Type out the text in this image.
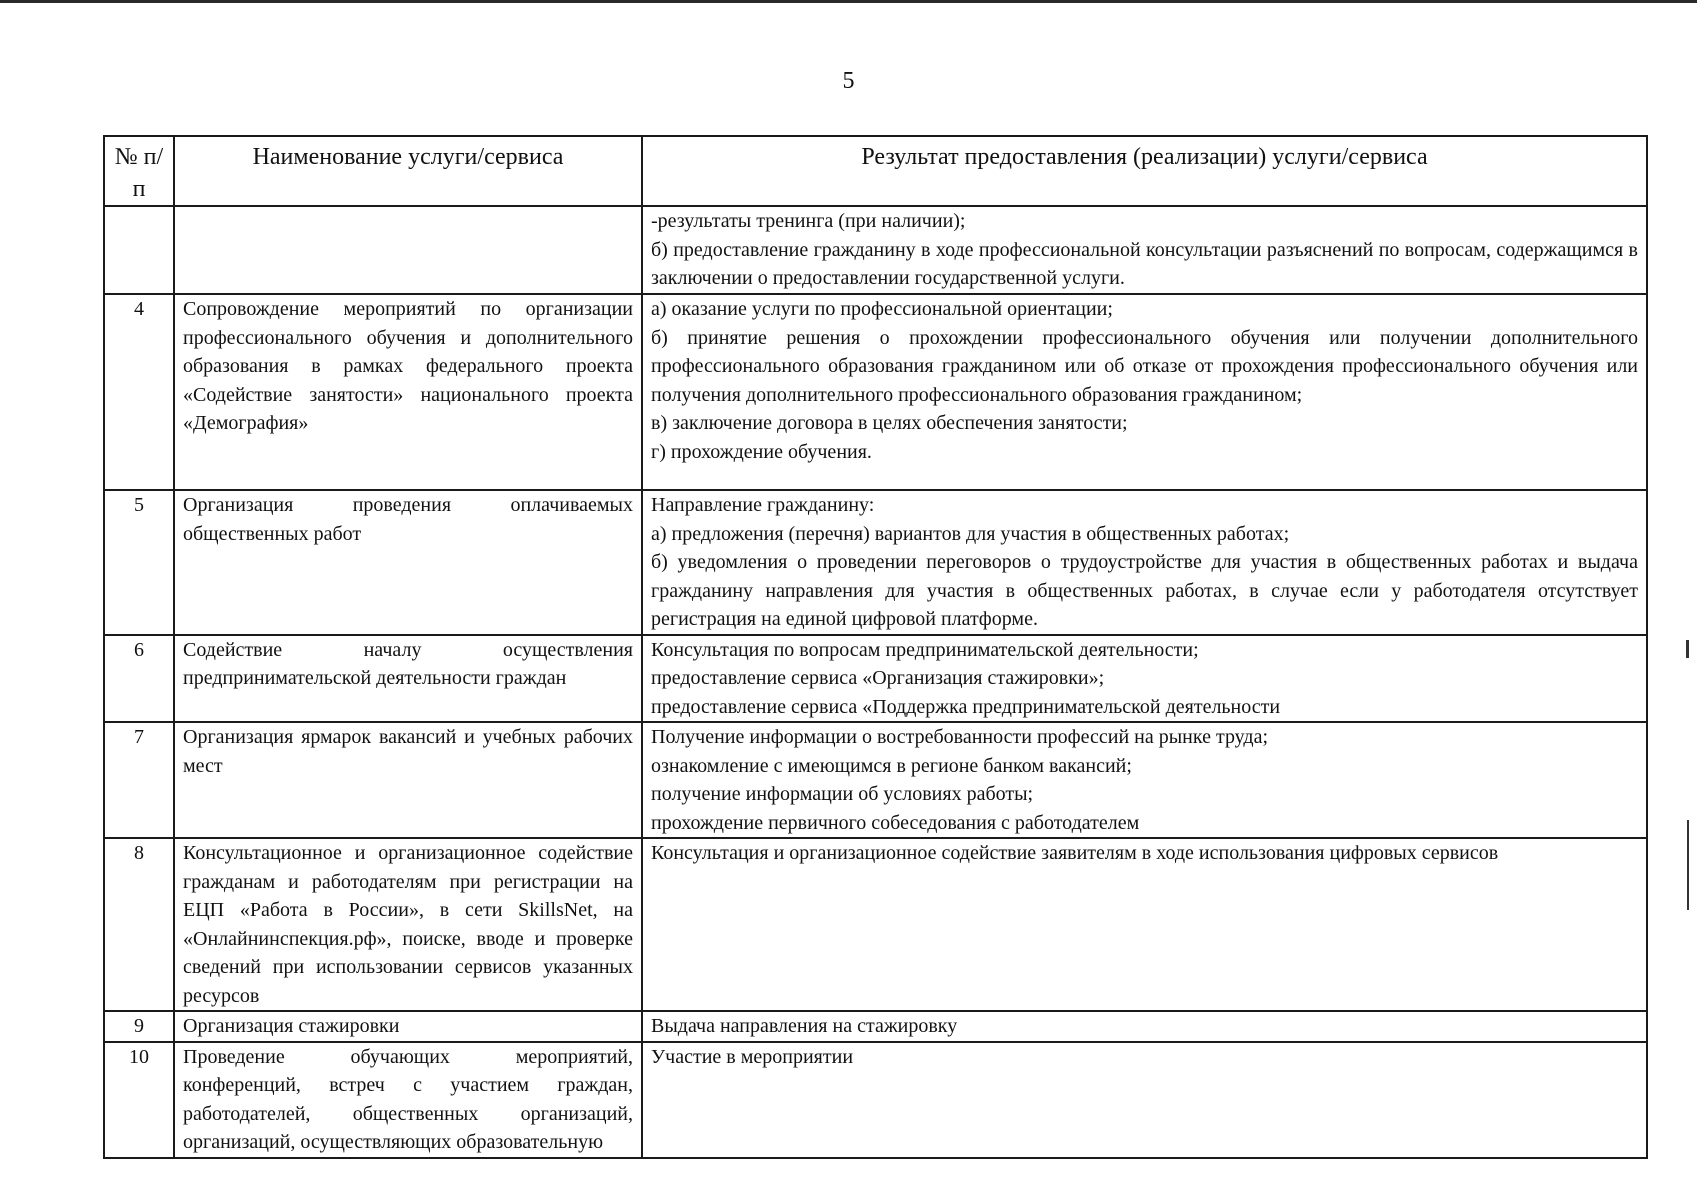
5
№ п/п	Наименование услуги/сервиса	Результат предоставления (реализации) услуги/сервиса

		-результаты тренинга (при наличии);
б) предоставление гражданину в ходе профессиональной консультации разъяснений по вопросам, содержащимся в заключении о предоставлении государственной услуги.

4	Сопровождение мероприятий по организации профессионального обучения и дополнительного образования в рамках федерального проекта «Содействие занятости» национального проекта «Демография»	а) оказание услуги по профессиональной ориентации;
б) принятие решения о прохождении профессионального обучения или получении дополнительного профессионального образования гражданином или об отказе от прохождения профессионального обучения или получения дополнительного профессионального образования гражданином;
в) заключение договора в целях обеспечения занятости;
г) прохождение обучения.

5	Организация проведения оплачиваемых общественных работ	Направление гражданину:
а) предложения (перечня) вариантов для участия в общественных работах;
б) уведомления о проведении переговоров о трудоустройстве для участия в общественных работах и выдача гражданину направления для участия в общественных работах, в случае если у работодателя отсутствует регистрация на единой цифровой платформе.

6	Содействие началу осуществления предпринимательской деятельности граждан	Консультация по вопросам предпринимательской деятельности;
предоставление сервиса «Организация стажировки»;
предоставление сервиса «Поддержка предпринимательской деятельности

7	Организация ярмарок вакансий и учебных рабочих мест	Получение информации о востребованности профессий на рынке труда;
ознакомление с имеющимся в регионе банком вакансий;
получение информации об условиях работы;
прохождение первичного собеседования с работодателем

8	Консультационное и организационное содействие гражданам и работодателям при регистрации на ЕЦП «Работа в России», в сети SkillsNet, на «Онлайнинспекция.рф», поиске, вводе и проверке сведений при использовании сервисов указанных ресурсов	Консультация и организационное содействие заявителям в ходе использования цифровых сервисов

9	Организация стажировки	Выдача направления на стажировку

10	Проведение обучающих мероприятий, конференций, встреч с участием граждан, работодателей, общественных организаций, организаций, осуществляющих образовательную	Участие в мероприятии
